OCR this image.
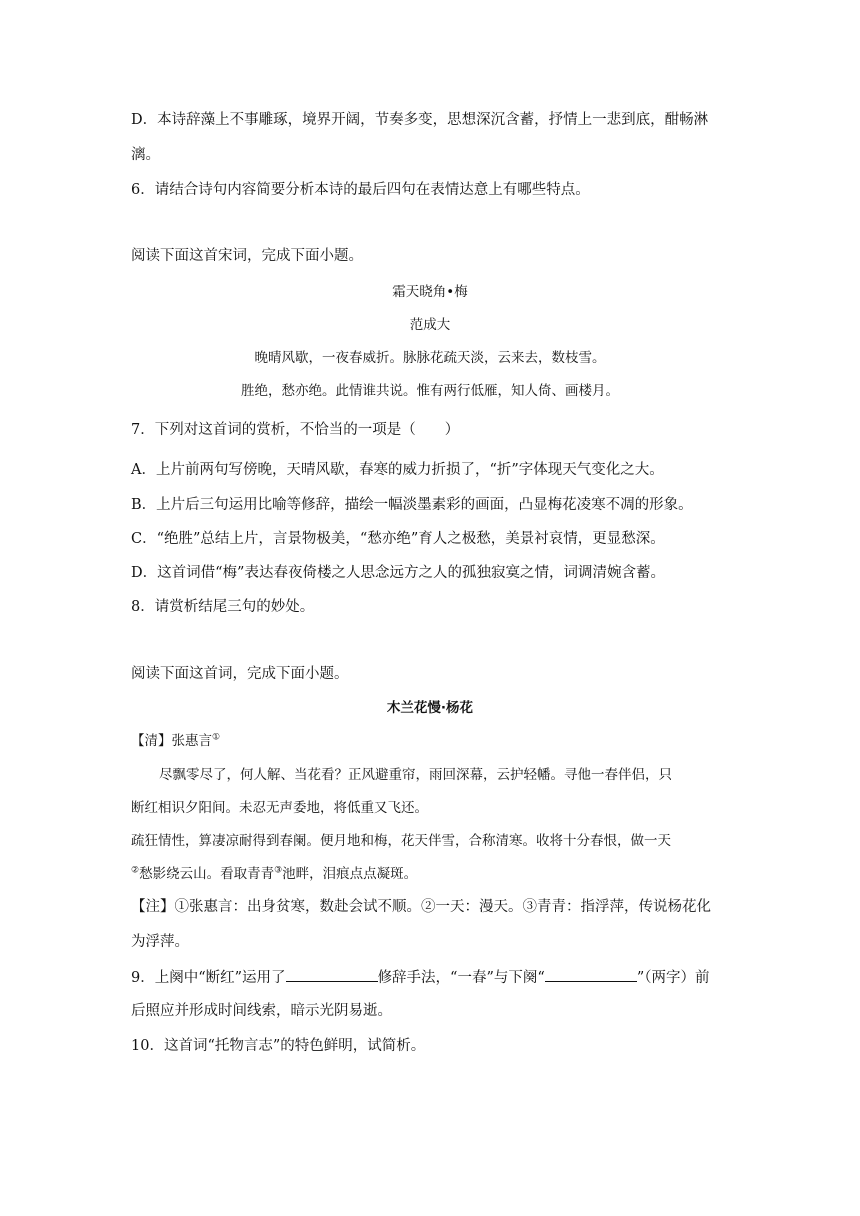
D．本诗辞藻上不事雕琢，境界开阔，节奏多变，思想深沉含蓄，抒情上一悲到底，酣畅淋
漓。
6．请结合诗句内容简要分析本诗的最后四句在表情达意上有哪些特点。
阅读下面这首宋词，完成下面小题。
霜天晓角•梅
范成大
晚晴风歇，一夜春威折。脉脉花疏天淡，云来去，数枝雪。
胜绝，愁亦绝。此情谁共说。惟有两行低雁，知人倚、画楼月。
7．下列对这首词的赏析，不恰当的一项是（　　）
A．上片前两句写傍晚，天晴风歇，春寒的威力折损了，“折”字体现天气变化之大。
B．上片后三句运用比喻等修辞，描绘一幅淡墨素彩的画面，凸显梅花凌寒不凋的形象。
C．“绝胜”总结上片，言景物极美，“愁亦绝”育人之极愁，美景衬哀情，更显愁深。
D．这首词借“梅”表达春夜倚楼之人思念远方之人的孤独寂寞之情，词调清婉含蓄。
8．请赏析结尾三句的妙处。
阅读下面这首词，完成下面小题。
木兰花慢·杨花
【清】张惠言①
尽飘零尽了，何人解、当花看？正风避重帘，雨回深幕，云护轻幡。寻他一春伴侣，只
断红相识夕阳间。未忍无声委地，将低重又飞还。
疏狂情性，算凄凉耐得到春阑。便月地和梅，花天伴雪，合称清寒。收将十分春恨，做一天
②愁影绕云山。看取青青③池畔，泪痕点点凝斑。
【注】①张惠言：出身贫寒，数赴会试不顺。②一天：漫天。③青青：指浮萍，传说杨花化
为浮萍。
9．上阕中“断红”运用了	修辞手法，“一春”与下阕“	”（两字）前
后照应并形成时间线索，暗示光阴易逝。
10．这首词“托物言志”的特色鲜明，试简析。
